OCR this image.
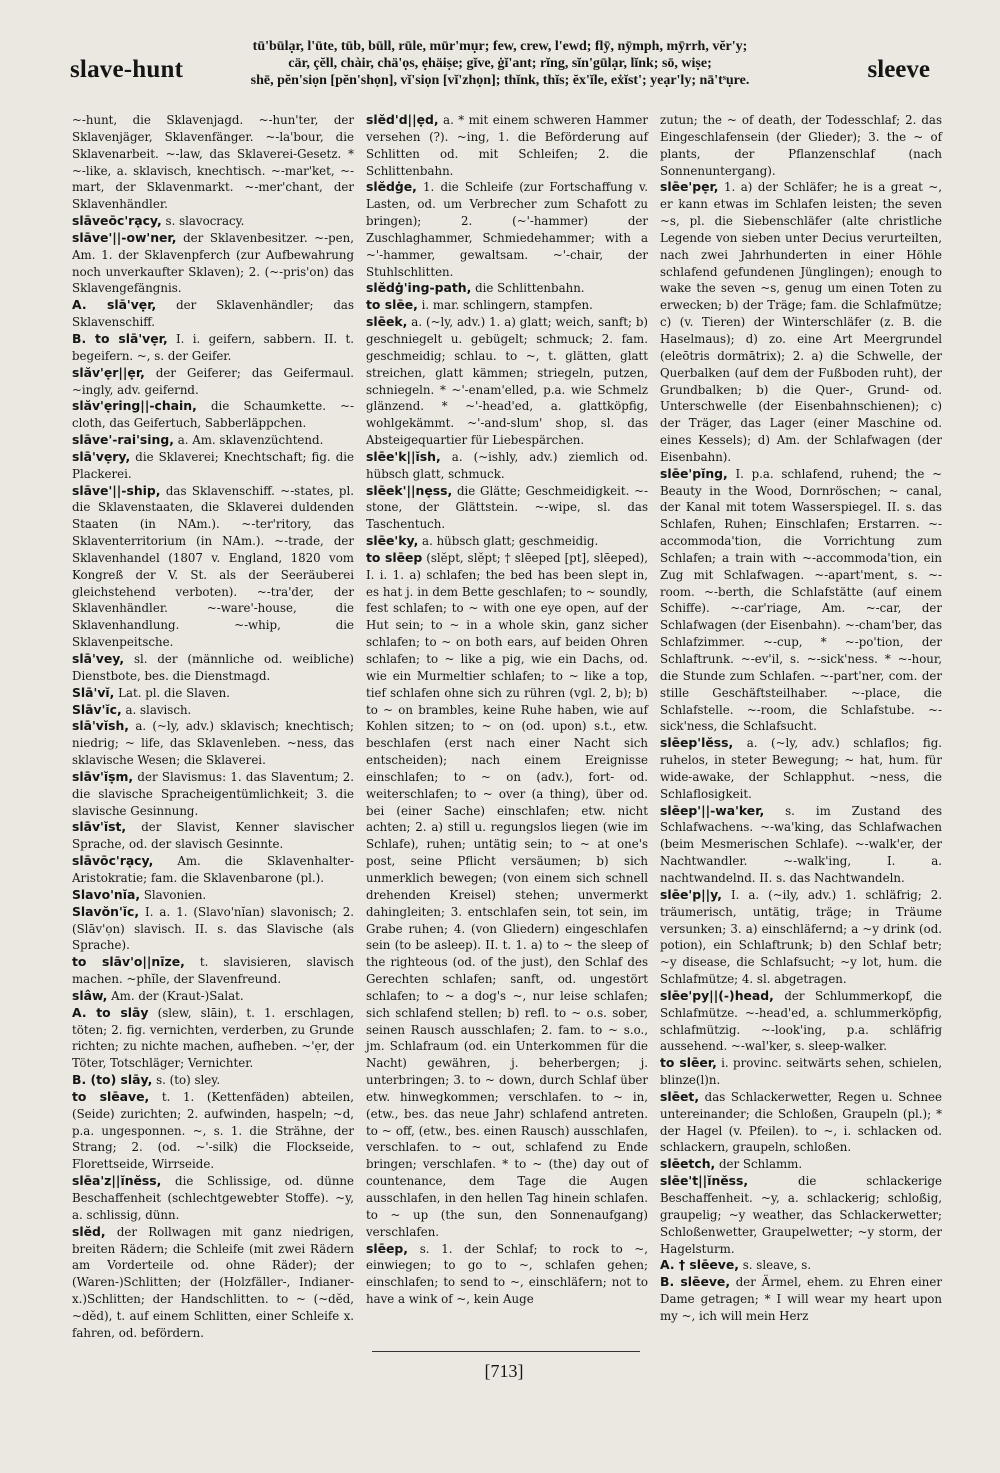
slave-hunt
tū'būlạr, l'ūte, tūb, būll, rūle, mūr'mụr; few, crew, l'ewd; flȳ, nȳmph, mȳrrh, vĕr'y;
cär, çĕll, chàir, chä'ọs, ẹhäiṣe; gĭve, ġĭ'ant; rĭng, sĭn'gūlạr, lĭnk; sō, wiṣe;
shē, pĕn'siọn [pĕn'shọn], vĭ'siọn [vĭ'zhọn]; thĭnk, thĭs; ĕx'ĭle, eẋĭst'; yeạr'ly; nā'tˢụre.	sleeve

~-hunt, die Sklavenjagd. ~-hun'ter, der Sklavenjäger, Sklavenfänger. ~-la'bour, die Sklavenarbeit. ~-law, das Sklaverei-Gesetz. * ~-like, a. sklavisch, knechtisch. ~-mar'ket, ~-mart, der Sklavenmarkt. ~-mer'chant, der Sklavenhändler.

slāveōc'rạcy, s. slavocracy.

slāve'||-ow'ner, der Sklavenbesitzer. ~-pen, Am. 1. der Sklavenpferch (zur Aufbewahrung noch unverkaufter Sklaven); 2. (~-pris'on) das Sklavengefängnis.

A. slā'vẹr, der Sklavenhändler; das Sklavenschiff.

B. to slā'vẹr, I. i. geifern, sabbern. II. t. begeifern. ~, s. der Geifer.

slăv'ẹr||ẹr, der Geiferer; das Geifermaul. ~ingly, adv. geifernd.

slăv'ẹring||-chain, die Schaumkette. ~-cloth, das Geifertuch, Sabberläppchen.

slāve'-rai'sing, a. Am. sklavenzüchtend.

slā'vẹry, die Sklaverei; Knechtschaft; fig. die Plackerei.

slāve'||-ship, das Sklavenschiff. ~-states, pl. die Sklavenstaaten, die Sklaverei duldenden Staaten (in NAm.). ~-ter'ritory, das Sklaventerritorium (in NAm.). ~-trade, der Sklavenhandel (1807 v. England, 1820 vom Kongreß der V. St. als der Seeräuberei gleichstehend verboten). ~-tra'der, der Sklavenhändler. ~-ware'-house, die Sklavenhandlung. ~-whip, die Sklavenpeitsche.

slā'vey, sl. der (männliche od. weibliche) Dienstbote, bes. die Dienstmagd.

Slā'vĭ, Lat. pl. die Slaven.

Slāv'ĭc, a. slavisch.

slā'vĭsh, a. (~ly, adv.) sklavisch; knechtisch; niedrig; ~ life, das Sklavenleben. ~ness, das sklavische Wesen; die Sklaverei.

slāv'ĭṣm, der Slavismus: 1. das Slaventum; 2. die slavische Spracheigentümlichkeit; 3. die slavische Gesinnung.

slāv'ĭst, der Slavist, Kenner slavischer Sprache, od. der slavisch Gesinnte.

slāvōc'rạcy, Am. die Sklavenhalter-Aristokratie; fam. die Sklavenbarone (pl.).

Slavo'nĭa, Slavonien.

Slavŏn'ĭc, I. a. 1. (Slavo'nĭan) slavonisch; 2. (Slāv'ọn) slavisch. II. s. das Slavische (als Sprache).

to slāv'o||nīze, t. slavisieren, slavisch machen. ~phĭle, der Slavenfreund.

slâw, Am. der (Kraut-)Salat.

A. to slāy (slew, slāin), t. 1. erschlagen, töten; 2. fig. vernichten, verderben, zu Grunde richten; zu nichte machen, aufheben. ~'ẹr, der Töter, Totschläger; Vernichter.

B. (to) slāy, s. (to) sley.

to slēave, t. 1. (Kettenfäden) abteilen, (Seide) zurichten; 2. aufwinden, haspeln; ~d, p.a. ungesponnen. ~, s. 1. die Strähne, der Strang; 2. (od. ~'-silk) die Flockseide, Florettseide, Wirrseide.

slēa'z||ĭnĕss, die Schlissige, od. dünne Beschaffenheit (schlechtgewebter Stoffe). ~y, a. schlissig, dünn.

slĕd, der Rollwagen mit ganz niedrigen, breiten Rädern; die Schleife (mit zwei Rädern am Vorderteile od. ohne Räder); der (Waren-)Schlitten; der (Holzfäller-, Indianer- x.)Schlitten; der Handschlitten. to ~ (~dĕd, ~dĕd), t. auf einem Schlitten, einer Schleife x. fahren, od. befördern.

slĕd'd||ẹd, a. * mit einem schweren Hammer versehen (?). ~ing, 1. die Beförderung auf Schlitten od. mit Schleifen; 2. die Schlittenbahn.

slĕdġe, 1. die Schleife (zur Fortschaffung v. Lasten, od. um Verbrecher zum Schafott zu bringen); 2. (~'-hammer) der Zuschlaghammer, Schmiedehammer; with a ~'-hammer, gewaltsam. ~'-chair, der Stuhlschlitten.

slĕdġ'ing-path, die Schlittenbahn.

to slēe, i. mar. schlingern, stampfen.

slēek, a. (~ly, adv.) 1. a) glatt; weich, sanft; b) geschniegelt u. gebügelt; schmuck; 2. fam. geschmeidig; schlau. to ~, t. glätten, glatt streichen, glatt kämmen; striegeln, putzen, schniegeln. * ~'-enam'elled, p.a. wie Schmelz glänzend. * ~'-head'ed, a. glattköpfig, wohlgekämmt. ~'-and-slum' shop, sl. das Absteigequartier für Liebespärchen.

slēe'k||ĭsh, a. (~ishly, adv.) ziemlich od. hübsch glatt, schmuck.

slēek'||nẹss, die Glätte; Geschmeidigkeit. ~-stone, der Glättstein. ~-wipe, sl. das Taschentuch.

slēe'ky, a. hübsch glatt; geschmeidig.

to slēep (slĕpt, slĕpt; † slēeped [pt], slēeped), I. i. 1. a) schlafen; the bed has been slept in, es hat j. in dem Bette geschlafen; to ~ soundly, fest schlafen; to ~ with one eye open, auf der Hut sein; to ~ in a whole skin, ganz sicher schlafen; to ~ on both ears, auf beiden Ohren schlafen; to ~ like a pig, wie ein Dachs, od. wie ein Murmeltier schlafen; to ~ like a top, tief schlafen ohne sich zu rühren (vgl. 2, b); b) to ~ on brambles, keine Ruhe haben, wie auf Kohlen sitzen; to ~ on (od. upon) s.t., etw. beschlafen (erst nach einer Nacht sich entscheiden); nach einem Ereignisse einschlafen; to ~ on (adv.), fort- od. weiterschlafen; to ~ over (a thing), über od. bei (einer Sache) einschlafen; etw. nicht achten; 2. a) still u. regungslos liegen (wie im Schlafe), ruhen; untätig sein; to ~ at one's post, seine Pflicht versäumen; b) sich unmerklich bewegen; (von einem sich schnell drehenden Kreisel) stehen; unvermerkt dahingleiten; 3. entschlafen sein, tot sein, im Grabe ruhen; 4. (von Gliedern) eingeschlafen sein (to be asleep). II. t. 1. a) to ~ the sleep of the righteous (od. of the just), den Schlaf des Gerechten schlafen; sanft, od. ungestört schlafen; to ~ a dog's ~, nur leise schlafen; sich schlafend stellen; b) refl. to ~ o.s. sober, seinen Rausch ausschlafen; 2. fam. to ~ s.o., jm. Schlafraum (od. ein Unterkommen für die Nacht) gewähren, j. beherbergen; j. unterbringen; 3. to ~ down, durch Schlaf über etw. hinwegkommen; verschlafen. to ~ in, (etw., bes. das neue Jahr) schlafend antreten. to ~ off, (etw., bes. einen Rausch) ausschlafen, verschlafen. to ~ out, schlafend zu Ende bringen; verschlafen. * to ~ (the) day out of countenance, dem Tage die Augen ausschlafen, in den hellen Tag hinein schlafen. to ~ up (the sun, den Sonnenaufgang) verschlafen.

slēep, s. 1. der Schlaf; to rock to ~, einwiegen; to go to ~, schlafen gehen; einschlafen; to send to ~, einschläfern; not to have a wink of ~, kein Auge

zutun; the ~ of death, der Todesschlaf; 2. das Eingeschlafensein (der Glieder); 3. the ~ of plants, der Pflanzenschlaf (nach Sonnenuntergang).

slēe'pẹr, 1. a) der Schläfer; he is a great ~, er kann etwas im Schlafen leisten; the seven ~s, pl. die Siebenschläfer (alte christliche Legende von sieben unter Decius verurteilten, nach zwei Jahrhunderten in einer Höhle schlafend gefundenen Jünglingen); enough to wake the seven ~s, genug um einen Toten zu erwecken; b) der Träge; fam. die Schlafmütze; c) (v. Tieren) der Winterschläfer (z. B. die Haselmaus); d) zo. eine Art Meergrundel (eleōtris dormātrix); 2. a) die Schwelle, der Querbalken (auf dem der Fußboden ruht), der Grundbalken; b) die Quer-, Grund- od. Unterschwelle (der Eisenbahnschienen); c) der Träger, das Lager (einer Maschine od. eines Kessels); d) Am. der Schlafwagen (der Eisenbahn).

slēe'pĭng, I. p.a. schlafend, ruhend; the ~ Beauty in the Wood, Dornröschen; ~ canal, der Kanal mit totem Wasserspiegel. II. s. das Schlafen, Ruhen; Einschlafen; Erstarren. ~-accommoda'tion, die Vorrichtung zum Schlafen; a train with ~-accommoda'tion, ein Zug mit Schlafwagen. ~-apart'ment, s. ~-room. ~-berth, die Schlafstätte (auf einem Schiffe). ~-car'riage, Am. ~-car, der Schlafwagen (der Eisenbahn). ~-cham'ber, das Schlafzimmer. ~-cup, * ~-po'tion, der Schlaftrunk. ~-ev'il, s. ~-sick'ness. * ~-hour, die Stunde zum Schlafen. ~-part'ner, com. der stille Geschäftsteilhaber. ~-place, die Schlafstelle. ~-room, die Schlafstube. ~-sick'ness, die Schlafsucht.

slēep'lĕss, a. (~ly, adv.) schlaflos; fig. ruhelos, in steter Bewegung; ~ hat, hum. für wide-awake, der Schlapphut. ~ness, die Schlaflosigkeit.

slēep'||-wa'ker, s. im Zustand des Schlafwachens. ~-wa'king, das Schlafwachen (beim Mesmerischen Schlafe). ~-walk'er, der Nachtwandler. ~-walk'ing, I. a. nachtwandelnd. II. s. das Nachtwandeln.

slēe'p||y, I. a. (~ily, adv.) 1. schläfrig; 2. träumerisch, untätig, träge; in Träume versunken; 3. a) einschläfernd; a ~y drink (od. potion), ein Schlaftrunk; b) den Schlaf betr; ~y disease, die Schlafsucht; ~y lot, hum. die Schlafmütze; 4. sl. abgetragen.

slēe'py||(-)head, der Schlummerkopf, die Schlafmütze. ~-head'ed, a. schlummerköpfig, schlafmützig. ~-look'ing, p.a. schläfrig aussehend. ~-wal'ker, s. sleep-walker.

to slēer, i. provinc. seitwärts sehen, schielen, blinze(l)n.

slēet, das Schlackerwetter, Regen u. Schnee untereinander; die Schloßen, Graupeln (pl.); * der Hagel (v. Pfeilen). to ~, i. schlacken od. schlackern, graupeln, schloßen.

slēetch, der Schlamm.

slēe't||ĭnĕss,	die schlackerige Beschaffenheit. ~y, a. schlackerig; schloßig, graupelig; ~y weather, das Schlackerwetter; Schloßenwetter, Graupelwetter; ~y storm, der Hagelsturm.

A. † slēeve, s. sleave, s.

B. slēeve, der Ärmel, ehem. zu Ehren einer Dame getragen; * I will wear my heart upon my ~, ich will mein Herz

[713]
